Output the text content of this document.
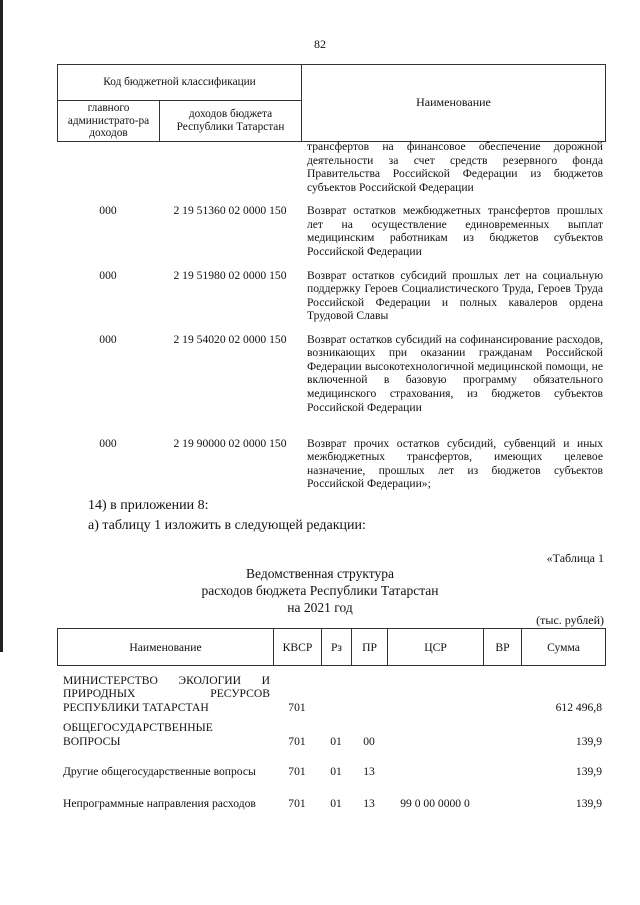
82
Код бюджетной классификации		Наименование
главного администрато-ра доходов	доходов бюджета Республики Татарстан	
		трансфертов на финансовое обеспечение дорожной деятельности за счет средств резервного фонда Правительства Российской Федерации из бюджетов субъектов Российской Федерации
000	2 19 51360 02 0000 150	Возврат остатков межбюджетных трансфертов прошлых лет на осуществление единовременных выплат медицинским работникам из бюджетов субъектов Российской Федерации
000	2 19 51980 02 0000 150	Возврат остатков субсидий прошлых лет на социальную поддержку Героев Социалистического Труда, Героев Труда Российской Федерации и полных кавалеров ордена Трудовой Славы
000	2 19 54020 02 0000 150	Возврат остатков субсидий на софинансирование расходов, возникающих при оказании гражданам Российской Федерации высокотехнологичной медицинской помощи, не включенной в базовую программу обязательного медицинского страхования, из бюджетов субъектов Российской Федерации
000	2 19 90000 02 0000 150	Возврат прочих остатков субсидий, субвенций и иных межбюджетных трансфертов, имеющих целевое назначение, прошлых лет из бюджетов субъектов Российской Федерации»;
14) в приложении 8:
а) таблицу 1 изложить в следующей редакции:
«Таблица 1
Ведомственная структура
расходов бюджета Республики Татарстан
на 2021 год
(тыс. рублей)
Наименование	КВСР	Рз	ПР	ЦСР	ВР	Сумма
МИНИСТЕРСТВО ЭКОЛОГИИ И ПРИРОДНЫХ РЕСУРСОВ РЕСПУБЛИКИ ТАТАРСТАН	701					612 496,8
ОБЩЕГОСУДАРСТВЕННЫЕ ВОПРОСЫ	701	01	00			139,9
Другие общегосударственные вопросы	701	01	13			139,9
Непрограммные направления расходов	701	01	13	99 0 00 0000 0		139,9
